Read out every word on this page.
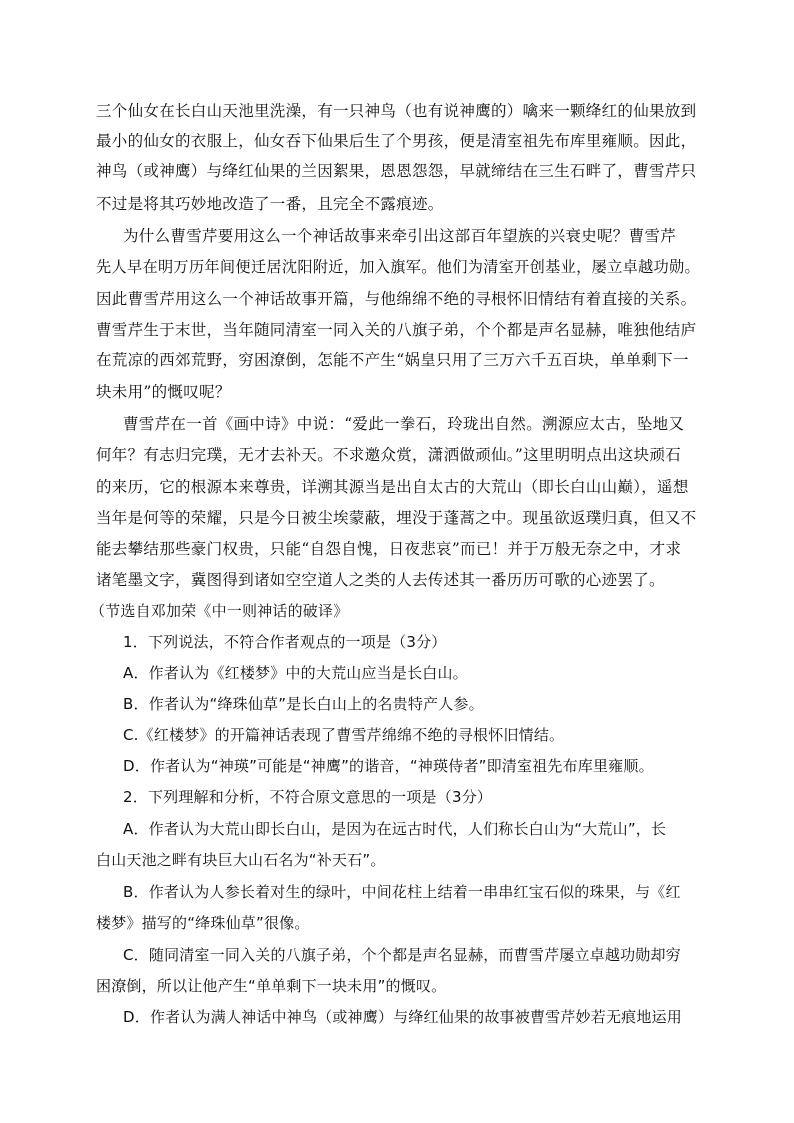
三个仙女在长白山天池里洗澡，有一只神鸟（也有说神鹰的）噙来一颗绛红的仙果放到
最小的仙女的衣服上，仙女吞下仙果后生了个男孩，便是清室祖先布库里雍顺。因此，
神鸟（或神鹰）与绛红仙果的兰因絮果，恩恩怨怨，早就缔结在三生石畔了，曹雪芹只
不过是将其巧妙地改造了一番，且完全不露痕迹。
为什么曹雪芹要用这么一个神话故事来牵引出这部百年望族的兴衰史呢？曹雪芹
先人早在明万历年间便迁居沈阳附近，加入旗军。他们为清室开创基业，屡立卓越功勋。
因此曹雪芹用这么一个神话故事开篇，与他绵绵不绝的寻根怀旧情结有着直接的关系。
曹雪芹生于末世，当年随同清室一同入关的八旗子弟，个个都是声名显赫，唯独他结庐
在荒凉的西郊荒野，穷困潦倒，怎能不产生“娲皇只用了三万六千五百块，单单剩下一
块未用”的慨叹呢？
曹雪芹在一首《画中诗》中说：“爱此一拳石，玲珑出自然。溯源应太古，坠地又
何年？有志归完璞，无才去补天。不求邀众赏，潇洒做顽仙。”这里明明点出这块顽石
的来历，它的根源本来尊贵，详溯其源当是出自太古的大荒山（即长白山山巅），遥想
当年是何等的荣耀，只是今日被尘埃蒙蔽，埋没于蓬蒿之中。现虽欲返璞归真，但又不
能去攀结那些豪门权贵，只能“自怨自愧，日夜悲哀”而已！并于万般无奈之中，才求
诸笔墨文字，冀图得到诸如空空道人之类的人去传述其一番历历可歌的心迹罢了。
（节选自邓加荣《中一则神话的破译》
1．下列说法，不符合作者观点的一项是（3分）
A．作者认为《红楼梦》中的大荒山应当是长白山。
B．作者认为“绛珠仙草”是长白山上的名贵特产人参。
C.《红楼梦》的开篇神话表现了曹雪芹绵绵不绝的寻根怀旧情结。
D．作者认为“神瑛”可能是“神鹰”的谐音，“神瑛侍者”即清室祖先布库里雍顺。
2．下列理解和分析，不符合原文意思的一项是（3分）
A．作者认为大荒山即长白山，是因为在远古时代，人们称长白山为“大荒山”，长
白山天池之畔有块巨大山石名为“补天石”。
B．作者认为人参长着对生的绿叶，中间花柱上结着一串串红宝石似的珠果，与《红
楼梦》描写的“绛珠仙草”很像。
C．随同清室一同入关的八旗子弟，个个都是声名显赫，而曹雪芹屡立卓越功勋却穷
困潦倒，所以让他产生“单单剩下一块未用”的慨叹。
D．作者认为满人神话中神鸟（或神鹰）与绛红仙果的故事被曹雪芹妙若无痕地运用
